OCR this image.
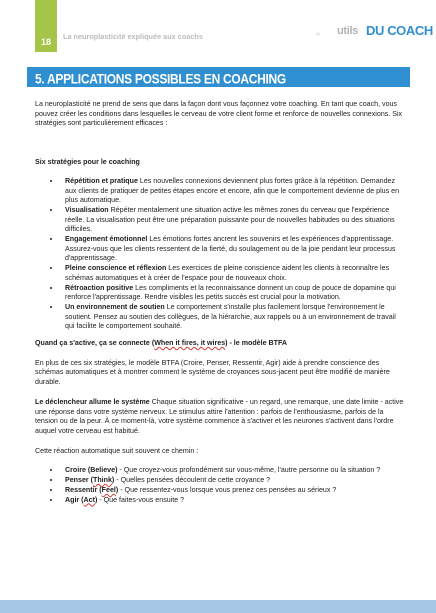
18
La neuroplasticité expliquée aux coachs	utils DU COACH
5. APPLICATIONS POSSIBLES EN COACHING

La neuroplasticité ne prend de sens que dans la façon dont vous façonnez votre coaching. En tant que coach, vous pouvez créer les conditions dans lesquelles le cerveau de votre client forme et renforce de nouvelles connexions. Six stratégies sont particulièrement efficaces :

Six stratégies pour le coaching

• Répétition et pratique Les nouvelles connexions deviennent plus fortes grâce à la répétition. Demandez aux clients de pratiquer de petites étapes encore et encore, afin que le comportement devienne de plus en plus automatique.
• Visualisation Répéter mentalement une situation active les mêmes zones du cerveau que l'expérience réelle. La visualisation peut être une préparation puissante pour de nouvelles habitudes ou des situations difficiles.
• Engagement émotionnel Les émotions fortes ancrent les souvenirs et les expériences d'apprentissage. Assurez-vous que les clients ressentent de la fierté, du soulagement ou de la joie pendant leur processus d'apprentissage.
• Pleine conscience et réflexion Les exercices de pleine conscience aident les clients à reconnaître les schémas automatiques et à créer de l'espace pour de nouveaux choix.
• Rétroaction positive Les compliments et la reconnaissance donnent un coup de pouce de dopamine qui renforce l'apprentissage. Rendre visibles les petits succès est crucial pour la motivation.
• Un environnement de soutien Le comportement s'installe plus facilement lorsque l'environnement le soutient. Pensez au soutien des collègues, de la hiérarchie, aux rappels ou à un environnement de travail qui facilite le comportement souhaité.

Quand ça s'active, ça se connecte (When it fires, it wires) - le modèle BTFA

En plus de ces six stratégies, le modèle BTFA (Croire, Penser, Ressentir, Agir) aide à prendre conscience des schémas automatiques et à montrer comment le système de croyances sous-jacent peut être modifié de manière durable.

Le déclencheur allume le système Chaque situation significative - un regard, une remarque, une date limite - active une réponse dans votre système nerveux. Le stimulus attire l'attention : parfois de l'enthousiasme, parfois de la tension ou de la peur. À ce moment-là, votre système commence à s'activer et les neurones s'activent dans l'ordre auquel votre cerveau est habitué.

Cette réaction automatique suit souvent ce chemin :

• Croire (Believe) - Que croyez-vous profondément sur vous-même, l'autre personne ou la situation ?
• Penser (Think) - Quelles pensées découlent de cette croyance ?
• Ressentir (Feel) - Que ressentez-vous lorsque vous prenez ces pensées au sérieux ?
• Agir (Act) - Que faites-vous ensuite ?
